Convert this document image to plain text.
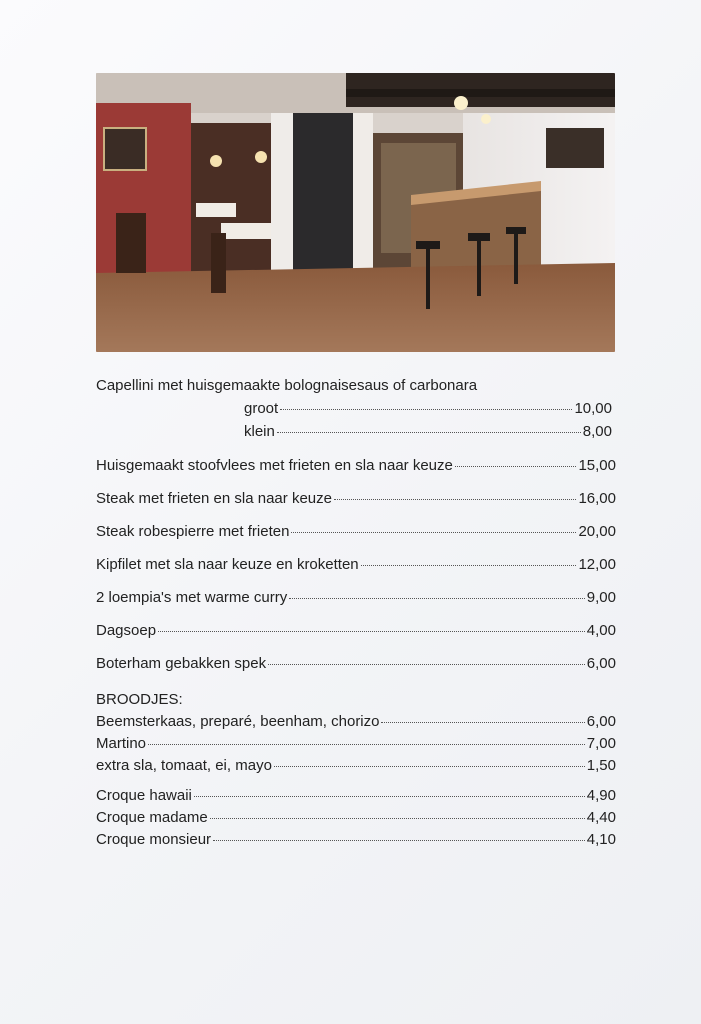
Capellini met huisgemaakte bolognaisesaus of carbonara
groot	10,00
klein	8,00
Huisgemaakt stoofvlees met frieten en sla naar keuze	15,00
Steak met frieten en sla naar keuze	16,00
Steak robespierre met frieten	20,00
Kipfilet met sla naar keuze en kroketten	12,00
2 loempia's met warme curry	9,00
Dagsoep	4,00
Boterham gebakken spek	6,00
BROODJES:
Beemsterkaas, preparé, beenham, chorizo	6,00
Martino	7,00
extra sla, tomaat, ei, mayo	1,50
Croque hawaii	4,90
Croque madame	4,40
Croque monsieur	4,10
